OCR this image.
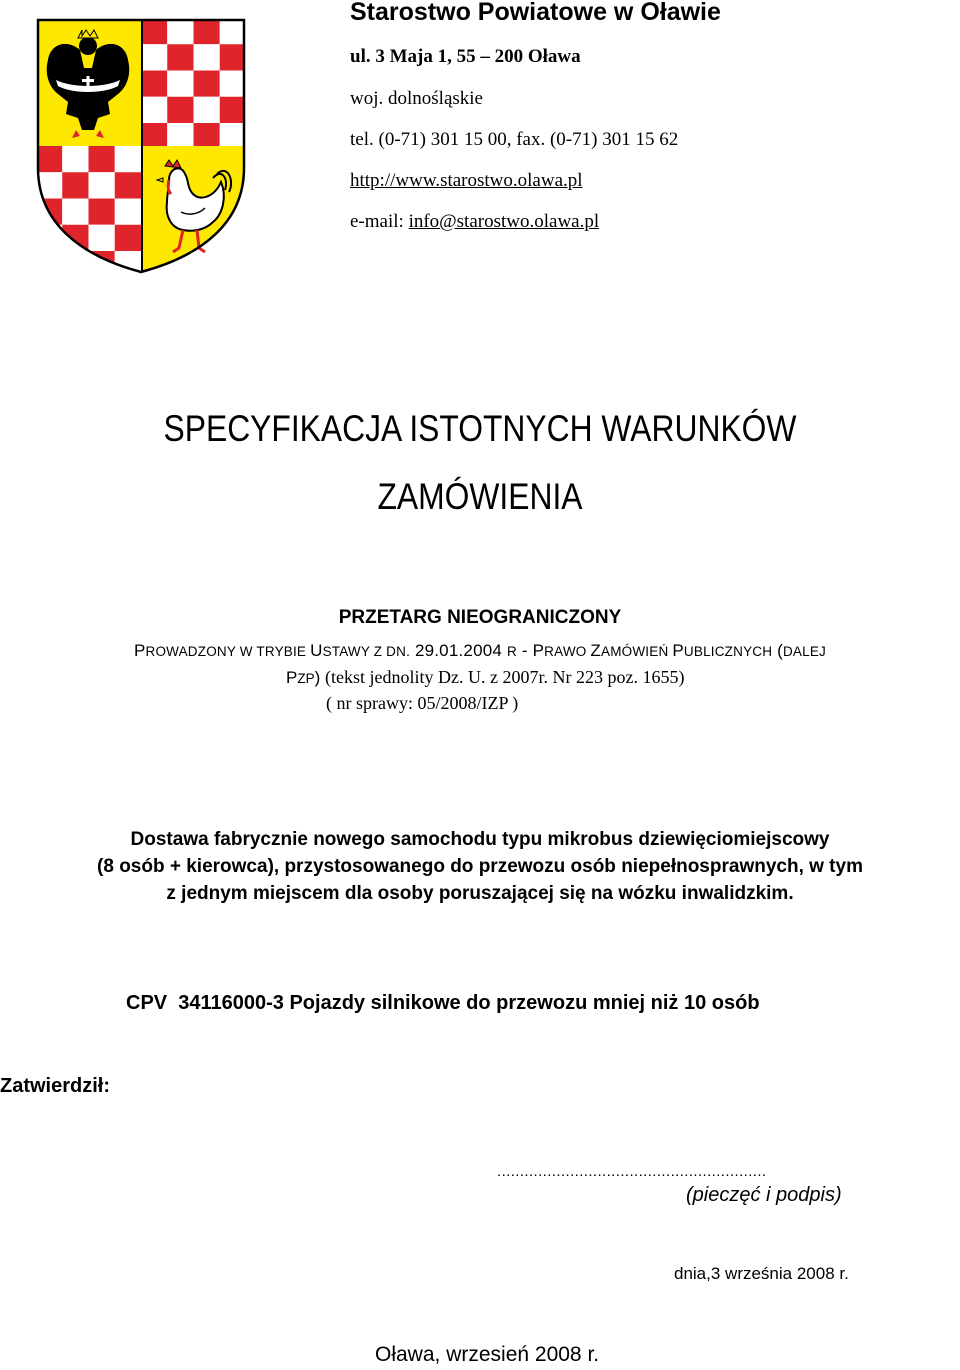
Starostwo Powiatowe w Oławie
ul. 3 Maja 1, 55 – 200 Oława
woj. dolnośląskie
tel. (0-71) 301 15 00, fax. (0-71) 301 15 62
http://www.starostwo.olawa.pl
e-mail: info@starostwo.olawa.pl
SPECYFIKACJA ISTOTNYCH WARUNKÓW
ZAMÓWIENIA
PRZETARG NIEOGRANICZONY
PROWADZONY W TRYBIE USTAWY Z DN. 29.01.2004 R - PRAWO ZAMÓWIEŃ PUBLICZNYCH (DALEJ
PZP) (tekst jednolity Dz. U. z 2007r. Nr 223 poz. 1655)
( nr sprawy: 05/2008/IZP )
Dostawa fabrycznie nowego samochodu typu mikrobus dziewięciomiejscowy
(8 osób + kierowca), przystosowanego do przewozu osób niepełnosprawnych, w tym
z jednym miejscem dla osoby poruszającej się na wózku inwalidzkim.
CPV  34116000-3 Pojazdy silnikowe do przewozu mniej niż 10 osób
Zatwierdził:
...........................................................
(pieczęć i podpis)
dnia,3 września 2008 r.
Oława, wrzesień 2008 r.
